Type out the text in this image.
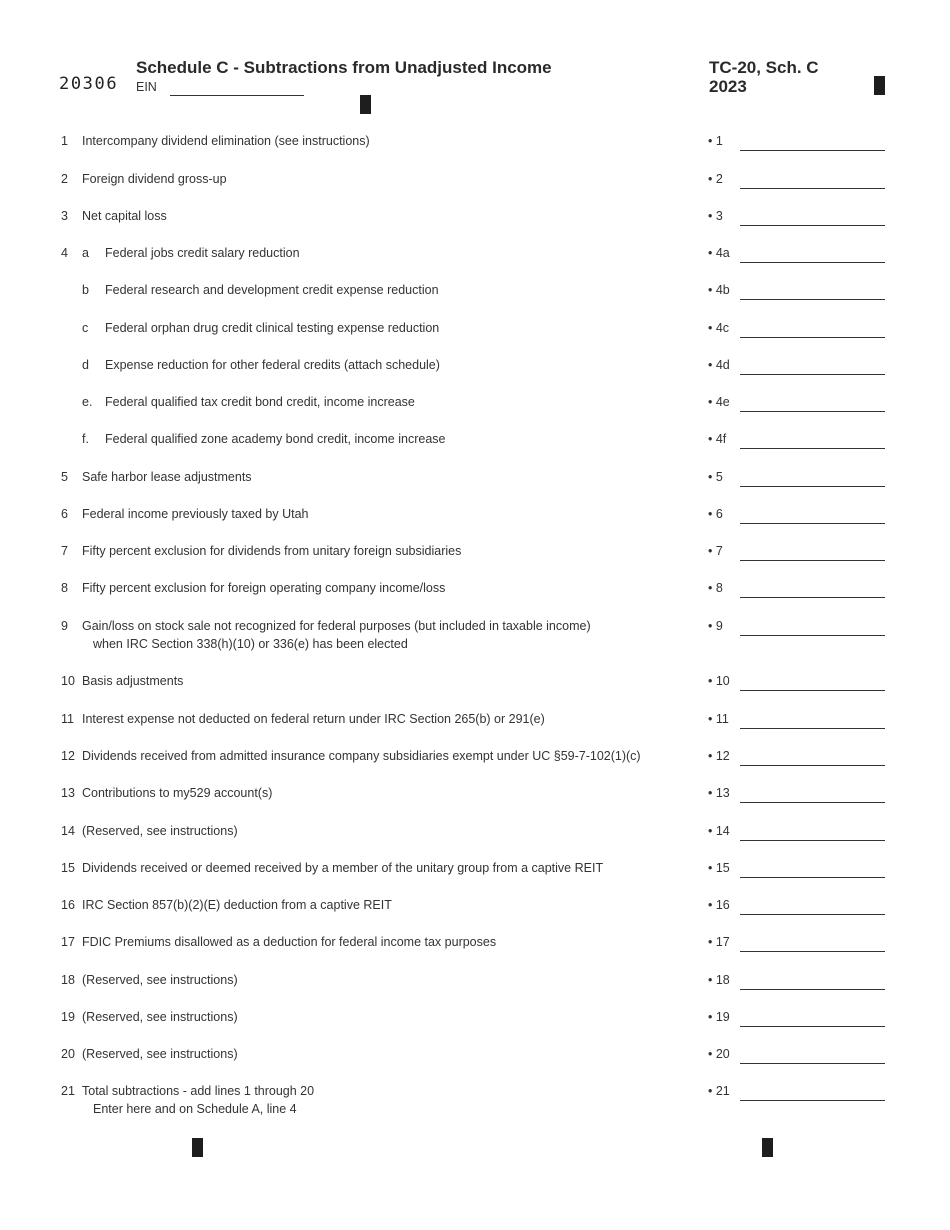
20306
Schedule C - Subtractions from Unadjusted Income
EIN
TC-20, Sch. C
2023
1 Intercompany dividend elimination (see instructions)	• 1
2 Foreign dividend gross-up	• 2
3 Net capital loss	• 3
4 a Federal jobs credit salary reduction	• 4a
b Federal research and development credit expense reduction	• 4b
c Federal orphan drug credit clinical testing expense reduction	• 4c
d Expense reduction for other federal credits (attach schedule)	• 4d
e. Federal qualified tax credit bond credit, income increase	• 4e
f. Federal qualified zone academy bond credit, income increase	• 4f
5 Safe harbor lease adjustments	• 5
6 Federal income previously taxed by Utah	• 6
7 Fifty percent exclusion for dividends from unitary foreign subsidiaries	• 7
8 Fifty percent exclusion for foreign operating company income/loss	• 8
9 Gain/loss on stock sale not recognized for federal purposes (but included in taxable income)
when IRC Section 338(h)(10) or 336(e) has been elected
• 9
10 Basis adjustments	• 10
11 Interest expense not deducted on federal return under IRC Section 265(b) or 291(e)	• 11
12 Dividends received from admitted insurance company subsidiaries exempt under UC §59-7-102(1)(c)	• 12
13 Contributions to my529 account(s)	• 13
14 (Reserved, see instructions)	• 14
15 Dividends received or deemed received by a member of the unitary group from a captive REIT	• 15
16 IRC Section 857(b)(2)(E) deduction from a captive REIT	• 16
17 FDIC Premiums disallowed as a deduction for federal income tax purposes	• 17
18 (Reserved, see instructions)	• 18
19 (Reserved, see instructions)	• 19
20 (Reserved, see instructions)	• 20
21 Total subtractions - add lines 1 through 20
Enter here and on Schedule A, line 4
• 21
